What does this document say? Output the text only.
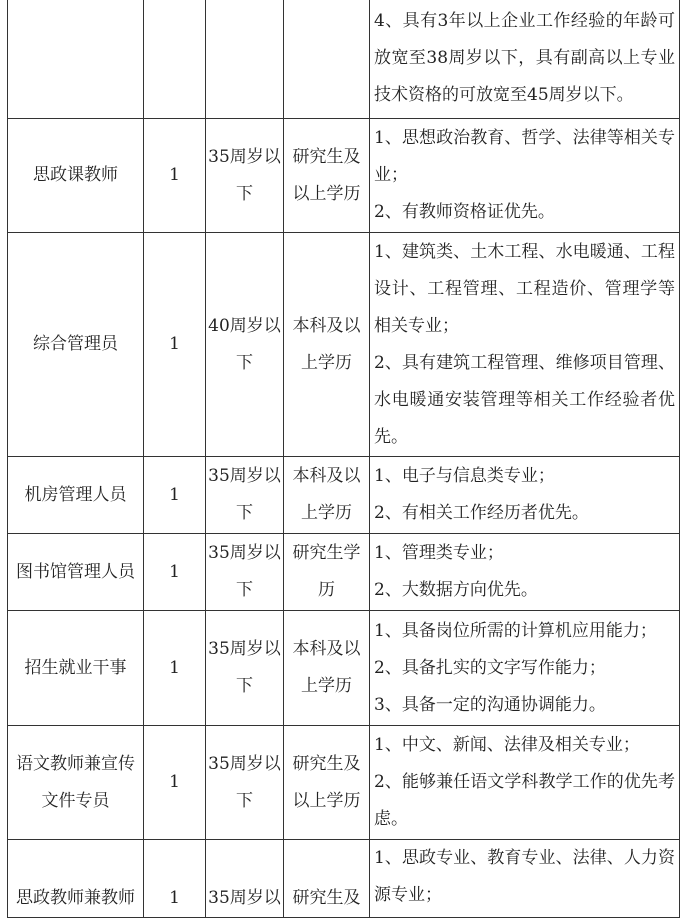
				4、具有3年以上企业工作经验的年龄可放宽至38周岁以下，具有副高以上专业技术资格的可放宽至45周岁以下。

思政课教师	1	35周岁以下	研究生及以上学历	1、思想政治教育、哲学、法律等相关专业；
2、有教师资格证优先。

综合管理员	1	40周岁以下	本科及以上学历	1、建筑类、土木工程、水电暖通、工程设计、工程管理、工程造价、管理学等相关专业；
2、具有建筑工程管理、维修项目管理、水电暖通安装管理等相关工作经验者优先。

机房管理人员	1	35周岁以下	本科及以上学历	1、电子与信息类专业；
2、有相关工作经历者优先。

图书馆管理人员	1	35周岁以下	研究生学历	1、管理类专业；
2、大数据方向优先。

招生就业干事	1	35周岁以下	本科及以上学历	1、具备岗位所需的计算机应用能力；
2、具备扎实的文字写作能力；
3、具备一定的沟通协调能力。

语文教师兼宣传文件专员	1	35周岁以下	研究生及以上学历	1、中文、新闻、法律及相关专业；
2、能够兼任语文学科教学工作的优先考虑。

思政教师兼教师	1	35周岁以	研究生及	1、思政专业、教育专业、法律、人力资源专业；
